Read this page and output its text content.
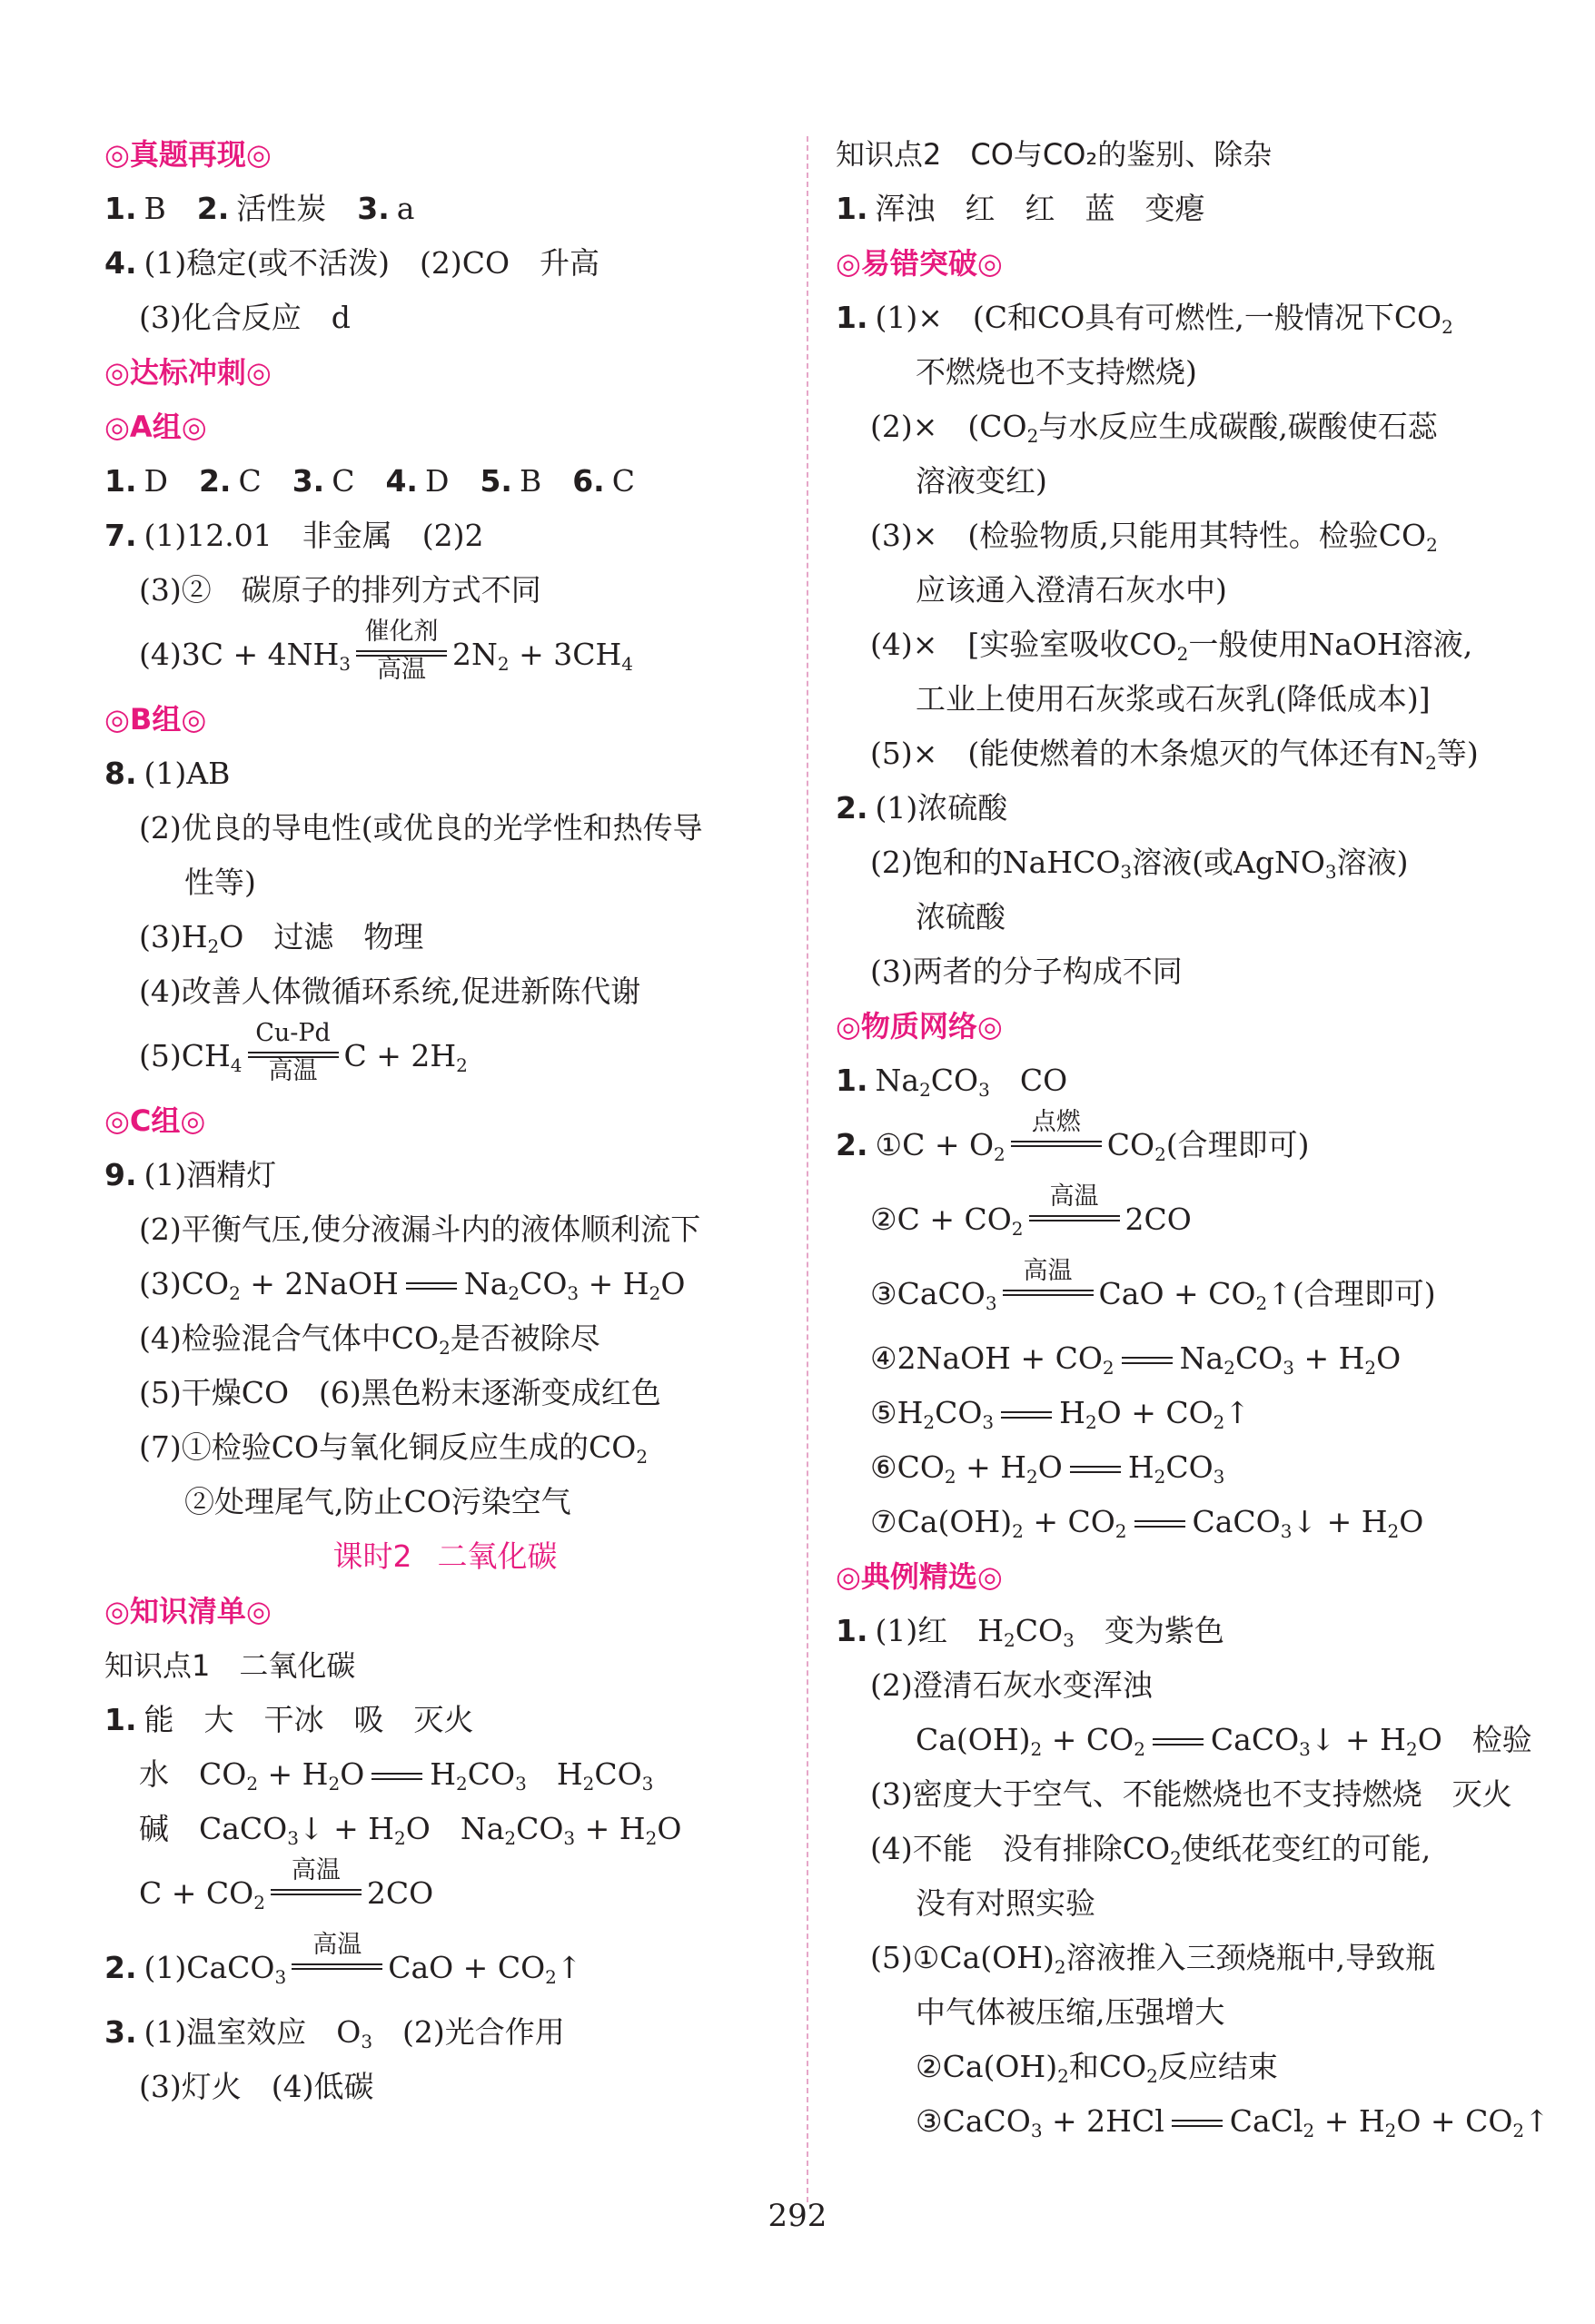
◎真题再现◎
1. B 2. 活性炭 3. a
4. (1)稳定(或不活泼)　(2)CO　升高
(3)化合反应　d
◎达标冲刺◎
◎A组◎
1. D 2. C 3. C 4. D 5. B 6. C
7. (1)12.01　非金属　(2)2
(3)②　碳原子的排列方式不同
$(4)3C + 4NH_3$
催化剂
高温 $2N_2 + 3CH_4$
◎B组◎
8. (1)AB
(2)优良的导电性(或优良的光学性和热传导
性等)
$(3)H_2O$　过滤　物理
(4)改善人体微循环系统,促进新陈代谢
$(5)CH_4$
Cu-Pd
高温 $C + 2H_2$
◎C组◎
9. (1)酒精灯
(2)平衡气压,使分液漏斗内的液体顺利流下
$(3)CO_2$ + 2NaOH $Na_2CO_3 + H_2O$
(4)检验混合气体中$CO_2$是否被除尽
(5)干燥CO　(6)黑色粉末逐渐变成红色
(7)①检验CO与氧化铜反应生成的$CO_2$
②处理尾气,防止CO污染空气
课时2 二氧化碳
◎知识清单◎
知识点1　二氧化碳
1. 能　大　干冰　吸　灭火
水　$CO_2 + H_2O$ $H_2CO_3$　$H_2CO_3$
碱　CaCO$_3$↓ + $H_2O$　$Na_2CO_3 + H_2O$
$C + CO_2$
高温
2CO
2. (1)CaCO$_3$
高温
CaO + $CO_2↑$
3. (1)温室效应　$O_3$　(2)光合作用
(3)灯火　(4)低碳
知识点2　CO与CO₂的鉴别、除杂
1. 浑浊　红　红　蓝　变瘪
◎易错突破◎
1. (1)×　(C和CO具有可燃性,一般情况下$CO_2$
不燃烧也不支持燃烧)
(2)×　($CO_2$与水反应生成碳酸,碳酸使石蕊
溶液变红)
(3)×　(检验物质,只能用其特性。检验$CO_2$
应该通入澄清石灰水中)
(4)×　[实验室吸收$CO_2$一般使用NaOH溶液,
工业上使用石灰浆或石灰乳(降低成本)]
(5)×　(能使燃着的木条熄灭的气体还有$N_2$等)
2. (1)浓硫酸
(2)饱和的NaHCO$_3$溶液(或AgNO$_3$溶液)
浓硫酸
(3)两者的分子构成不同
◎物质网络◎
1. $Na_2CO_3$　CO
2. ①C + $O_2$
点燃
$CO_2$(合理即可)
②C + $CO_2$
高温
2CO
③CaCO$_3$
高温
CaO + $CO_2↑$(合理即可)
④2NaOH + $CO_2$ $Na_2CO_3 + H_2O$
$⑤H_2CO_3$ $H_2O$ + $CO_2↑$
$⑥CO_2 + H_2O$ $H_2CO_3$
$⑦Ca(OH)_2 + CO_2$ CaCO$_3$↓ + $H_2O$
◎典例精选◎
1. (1)红　$H_2CO_3$　变为紫色
(2)澄清石灰水变浑浊
$Ca(OH)_2 + CO_2$ CaCO$_3$↓ + $H_2O$　检验
(3)密度大于空气、不能燃烧也不支持燃烧　灭火
(4)不能　没有排除$CO_2$使纸花变红的可能,
没有对照实验
$(5)①Ca(OH)_2$溶液推入三颈烧瓶中,导致瓶
中气体被压缩,压强增大
$②Ca(OH)_2$和$CO_2$反应结束
③CaCO$_3$ + 2HCl CaCl$_2$ + $H_2O$ + $CO_2↑$
292
